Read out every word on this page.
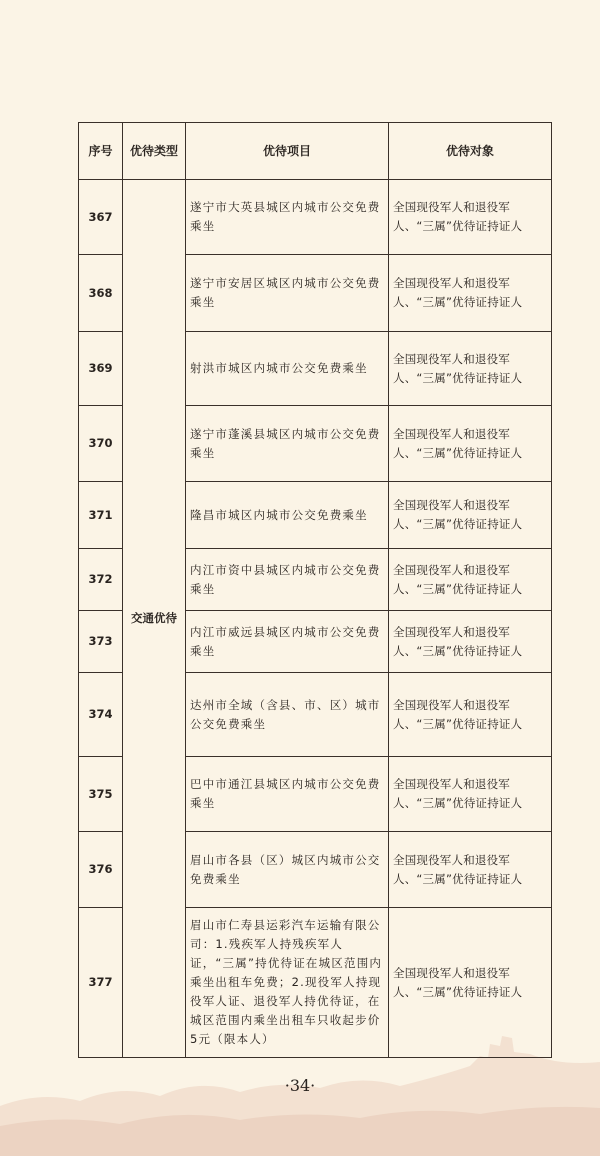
序号	优待类型	优待项目	优待对象
367	交通优待	遂宁市大英县城区内城市公交免费乘坐	全国现役军人和退役军人、“三属”优待证持证人
368		遂宁市安居区城区内城市公交免费乘坐	全国现役军人和退役军人、“三属”优待证持证人
369		射洪市城区内城市公交免费乘坐	全国现役军人和退役军人、“三属”优待证持证人
370		遂宁市蓬溪县城区内城市公交免费乘坐	全国现役军人和退役军人、“三属”优待证持证人
371		隆昌市城区内城市公交免费乘坐	全国现役军人和退役军人、“三属”优待证持证人
372		内江市资中县城区内城市公交免费乘坐	全国现役军人和退役军人、“三属”优待证持证人
373		内江市威远县城区内城市公交免费乘坐	全国现役军人和退役军人、“三属”优待证持证人
374		达州市全域（含县、市、区）城市公交免费乘坐	全国现役军人和退役军人、“三属”优待证持证人
375		巴中市通江县城区内城市公交免费乘坐	全国现役军人和退役军人、“三属”优待证持证人
376		眉山市各县（区）城区内城市公交免费乘坐	全国现役军人和退役军人、“三属”优待证持证人
377		眉山市仁寿县运彩汽车运输有限公司：1.残疾军人持残疾军人证，“三属”持优待证在城区范围内乘坐出租车免费；2.现役军人持现役军人证、退役军人持优待证，在城区范围内乘坐出租车只收起步价5元（限本人）	全国现役军人和退役军人、“三属”优待证持证人
·34·
